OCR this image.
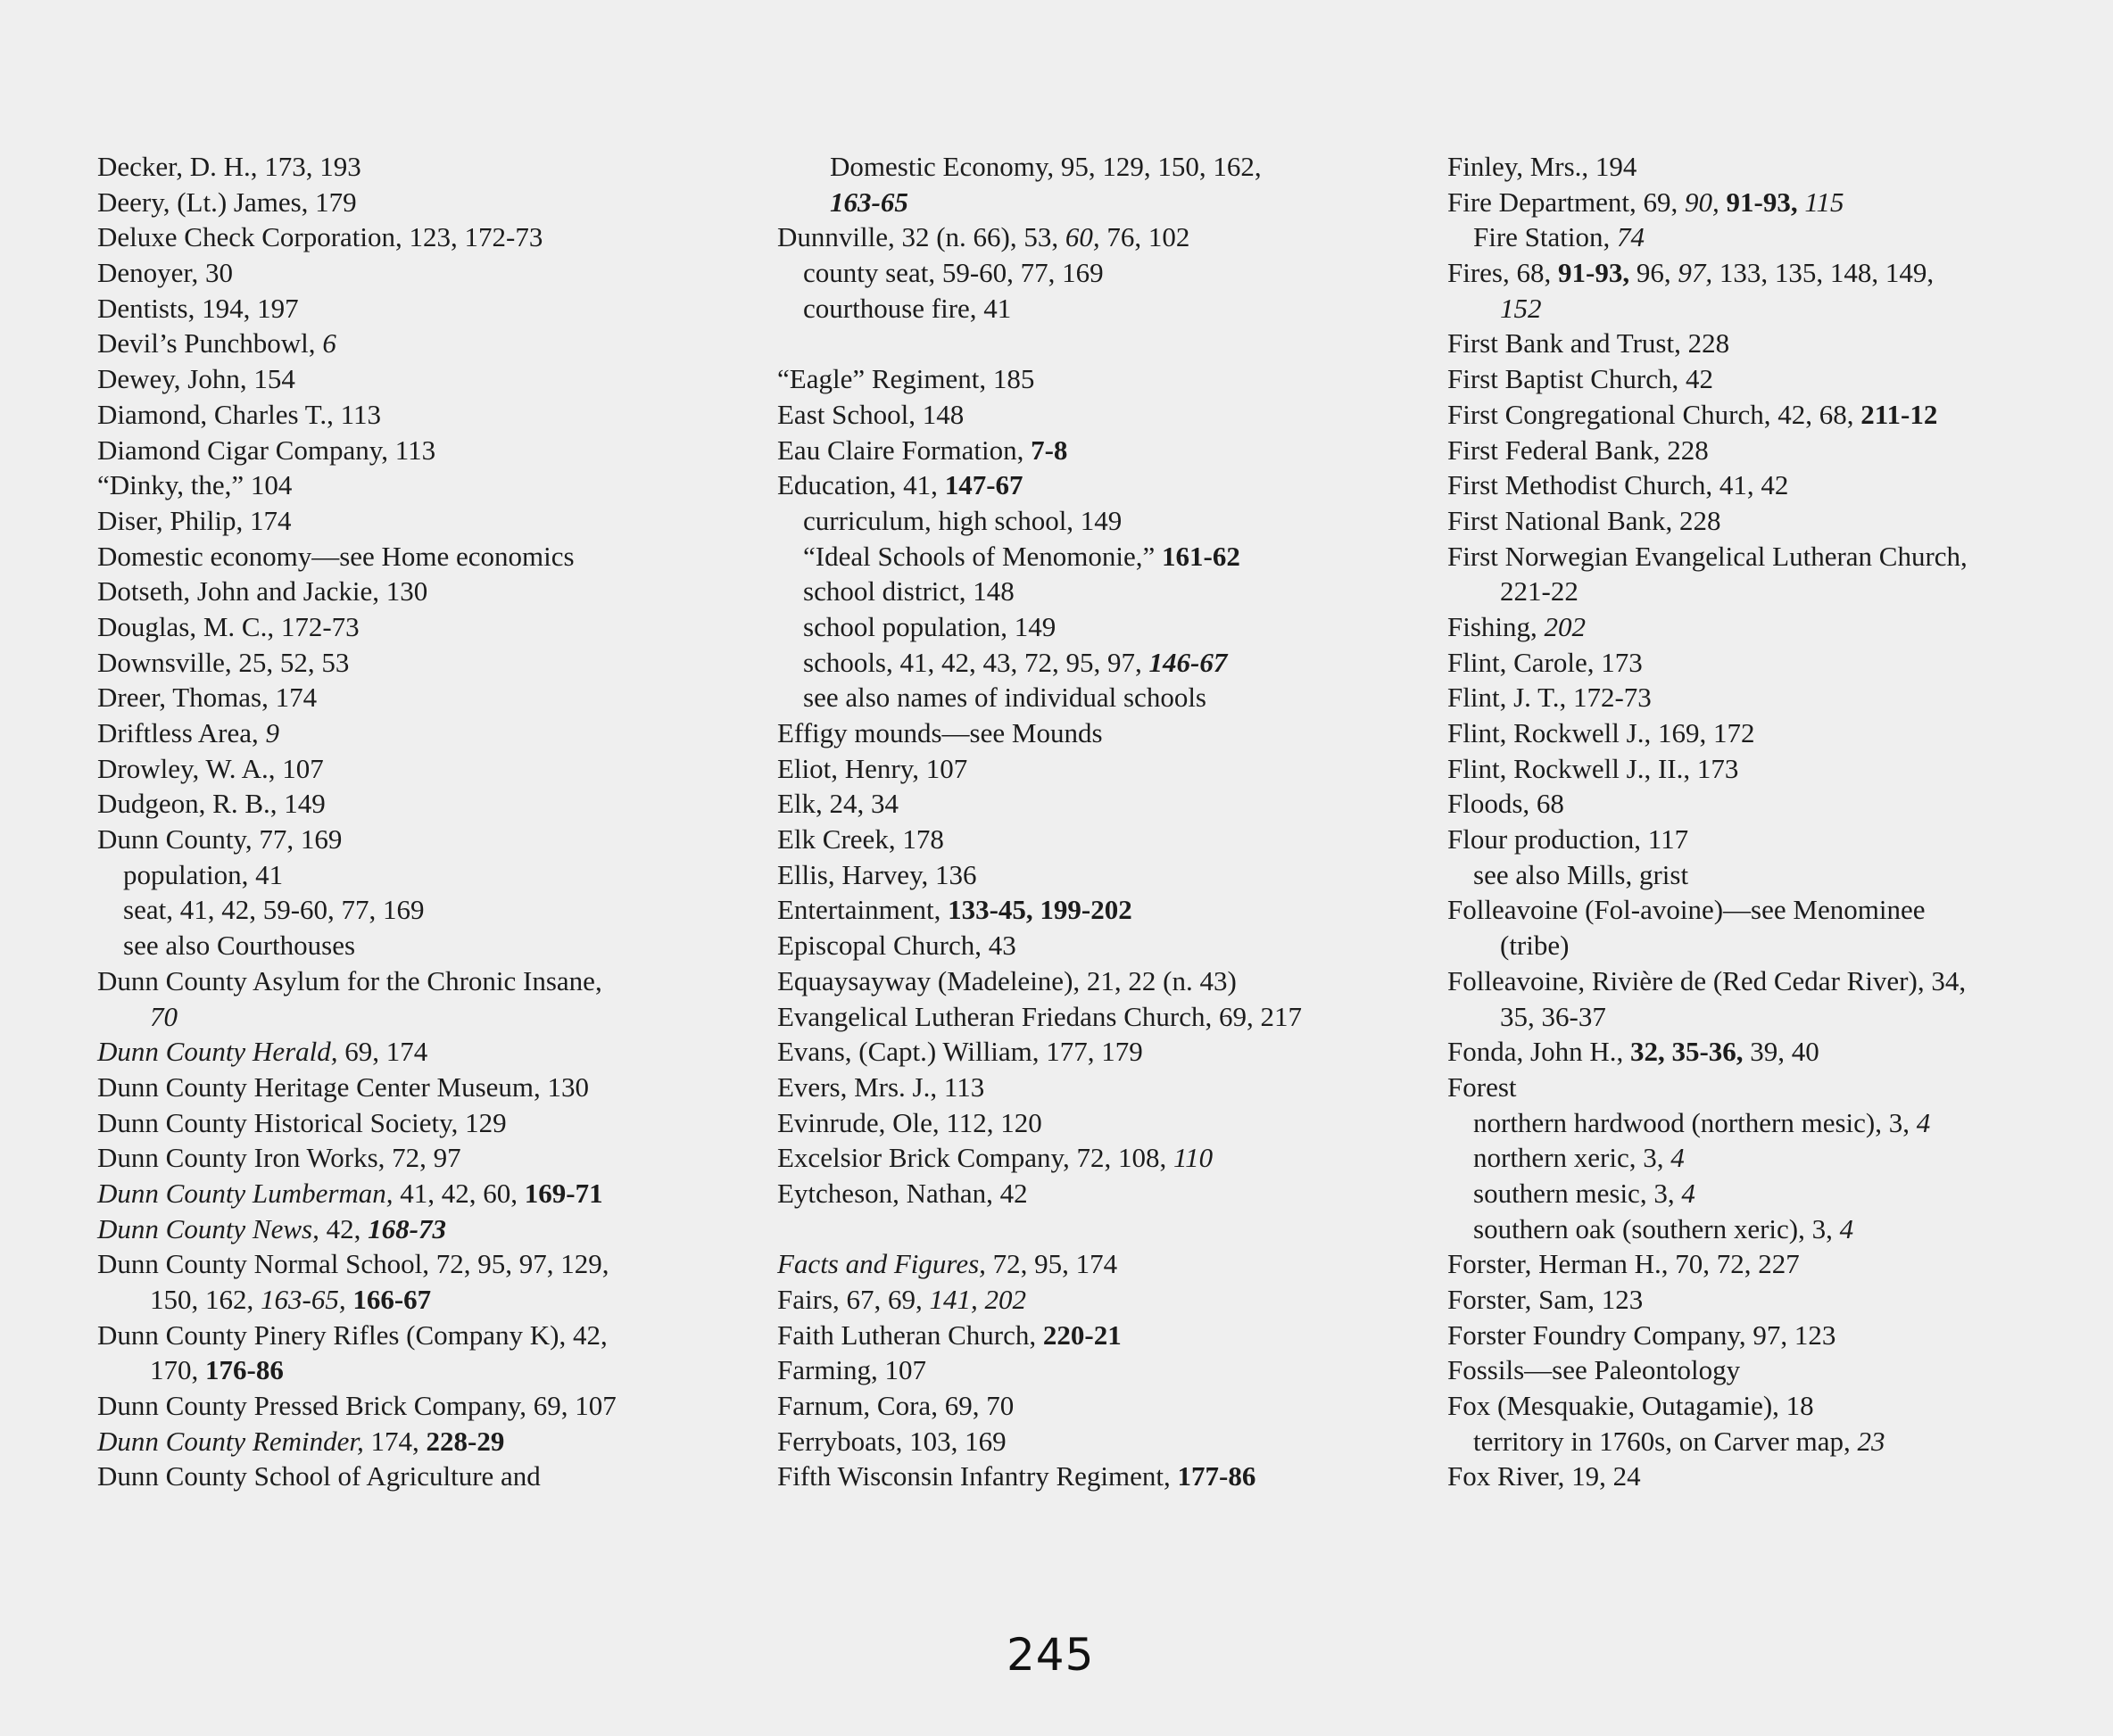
Decker, D. H., 173, 193
Deery, (Lt.) James, 179
Deluxe Check Corporation, 123, 172-73
Denoyer, 30
Dentists, 194, 197
Devil’s Punchbowl, 6
Dewey, John, 154
Diamond, Charles T., 113
Diamond Cigar Company, 113
“Dinky, the,” 104
Diser, Philip, 174
Domestic economy—see Home economics
Dotseth, John and Jackie, 130
Douglas, M. C., 172-73
Downsville, 25, 52, 53
Dreer, Thomas, 174
Driftless Area, 9
Drowley, W. A., 107
Dudgeon, R. B., 149
Dunn County, 77, 169
population, 41
seat, 41, 42, 59-60, 77, 169
see also Courthouses
Dunn County Asylum for the Chronic Insane,
70
Dunn County Herald, 69, 174
Dunn County Heritage Center Museum, 130
Dunn County Historical Society, 129
Dunn County Iron Works, 72, 97
Dunn County Lumberman, 41, 42, 60, 169-71
Dunn County News, 42, 168-73
Dunn County Normal School, 72, 95, 97, 129,
150, 162, 163-65, 166-67
Dunn County Pinery Rifles (Company K), 42,
170, 176-86
Dunn County Pressed Brick Company, 69, 107
Dunn County Reminder, 174, 228-29
Dunn County School of Agriculture and
Domestic Economy, 95, 129, 150, 162,
163-65
Dunnville, 32 (n. 66), 53, 60, 76, 102
county seat, 59-60, 77, 169
courthouse fire, 41
“Eagle” Regiment, 185
East School, 148
Eau Claire Formation, 7-8
Education, 41, 147-67
curriculum, high school, 149
“Ideal Schools of Menomonie,” 161-62
school district, 148
school population, 149
schools, 41, 42, 43, 72, 95, 97, 146-67
see also names of individual schools
Effigy mounds—see Mounds
Eliot, Henry, 107
Elk, 24, 34
Elk Creek, 178
Ellis, Harvey, 136
Entertainment, 133-45, 199-202
Episcopal Church, 43
Equaysayway (Madeleine), 21, 22 (n. 43)
Evangelical Lutheran Friedans Church, 69, 217
Evans, (Capt.) William, 177, 179
Evers, Mrs. J., 113
Evinrude, Ole, 112, 120
Excelsior Brick Company, 72, 108, 110
Eytcheson, Nathan, 42
Facts and Figures, 72, 95, 174
Fairs, 67, 69, 141, 202
Faith Lutheran Church, 220-21
Farming, 107
Farnum, Cora, 69, 70
Ferryboats, 103, 169
Fifth Wisconsin Infantry Regiment, 177-86
Finley, Mrs., 194
Fire Department, 69, 90, 91-93, 115
Fire Station, 74
Fires, 68, 91-93, 96, 97, 133, 135, 148, 149,
152
First Bank and Trust, 228
First Baptist Church, 42
First Congregational Church, 42, 68, 211-12
First Federal Bank, 228
First Methodist Church, 41, 42
First National Bank, 228
First Norwegian Evangelical Lutheran Church,
221-22
Fishing, 202
Flint, Carole, 173
Flint, J. T., 172-73
Flint, Rockwell J., 169, 172
Flint, Rockwell J., II., 173
Floods, 68
Flour production, 117
see also Mills, grist
Folleavoine (Fol-avoine)—see Menominee
(tribe)
Folleavoine, Rivière de (Red Cedar River), 34,
35, 36-37
Fonda, John H., 32, 35-36, 39, 40
Forest
northern hardwood (northern mesic), 3, 4
northern xeric, 3, 4
southern mesic, 3, 4
southern oak (southern xeric), 3, 4
Forster, Herman H., 70, 72, 227
Forster, Sam, 123
Forster Foundry Company, 97, 123
Fossils—see Paleontology
Fox (Mesquakie, Outagamie), 18
territory in 1760s, on Carver map, 23
Fox River, 19, 24
245
